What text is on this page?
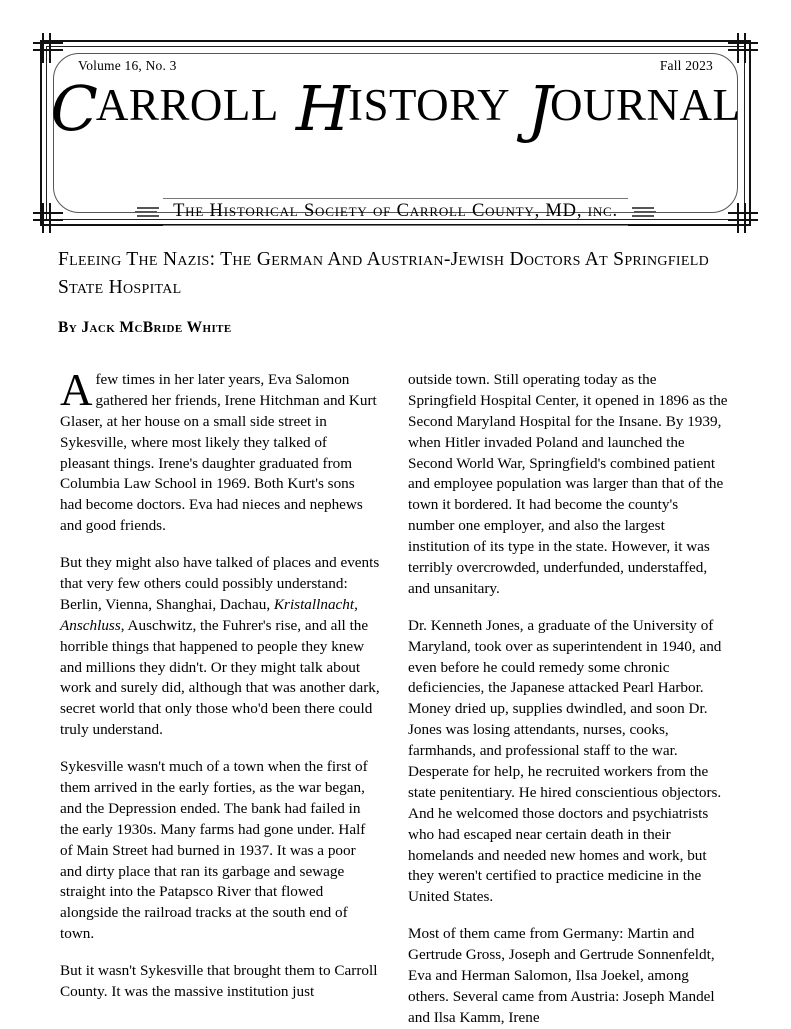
Volume 16, No. 3	Fall 2023
CARROLL HISTORY JOURNAL
The Historical Society of Carroll County, MD, inc.
Fleeing The Nazis: The German And Austrian-Jewish Doctors At Springfield State Hospital
By Jack McBride White

Afew times in her later years, Eva Salomon gathered her friends, Irene Hitchman and Kurt Glaser, at her house on a small side street in Sykesville, where most likely they talked of pleasant things. Irene's daughter graduated from Columbia Law School in 1969. Both Kurt's sons had become doctors. Eva had nieces and nephews and good friends.

But they might also have talked of places and events that very few others could possibly understand: Berlin, Vienna, Shanghai, Dachau, Kristallnacht, Anschluss, Auschwitz, the Fuhrer's rise, and all the horrible things that happened to people they knew and millions they didn't. Or they might talk about work and surely did, although that was another dark, secret world that only those who'd been there could truly understand.

Sykesville wasn't much of a town when the first of them arrived in the early forties, as the war began, and the Depression ended. The bank had failed in the early 1930s. Many farms had gone under. Half of Main Street had burned in 1937. It was a poor and dirty place that ran its garbage and sewage straight into the Patapsco River that flowed alongside the railroad tracks at the south end of town.

But it wasn't Sykesville that brought them to Carroll County. It was the massive institution just

outside town. Still operating today as the Springfield Hospital Center, it opened in 1896 as the Second Maryland Hospital for the Insane. By 1939, when Hitler invaded Poland and launched the Second World War, Springfield's combined patient and employee population was larger than that of the town it bordered. It had become the county's number one employer, and also the largest institution of its type in the state. However, it was terribly overcrowded, underfunded, understaffed, and unsanitary.

Dr. Kenneth Jones, a graduate of the University of Maryland, took over as superintendent in 1940, and even before he could remedy some chronic deficiencies, the Japanese attacked Pearl Harbor. Money dried up, supplies dwindled, and soon Dr. Jones was losing attendants, nurses, cooks, farmhands, and professional staff to the war. Desperate for help, he recruited workers from the state penitentiary. He hired conscientious objectors. And he welcomed those doctors and psychiatrists who had escaped near certain death in their homelands and needed new homes and work, but they weren't certified to practice medicine in the United States.

Most of them came from Germany: Martin and Gertrude Gross, Joseph and Gertrude Sonnenfeldt, Eva and Herman Salomon, Ilsa Joekel, among others. Several came from Austria: Joseph Mandel and Ilsa Kamm, Irene
